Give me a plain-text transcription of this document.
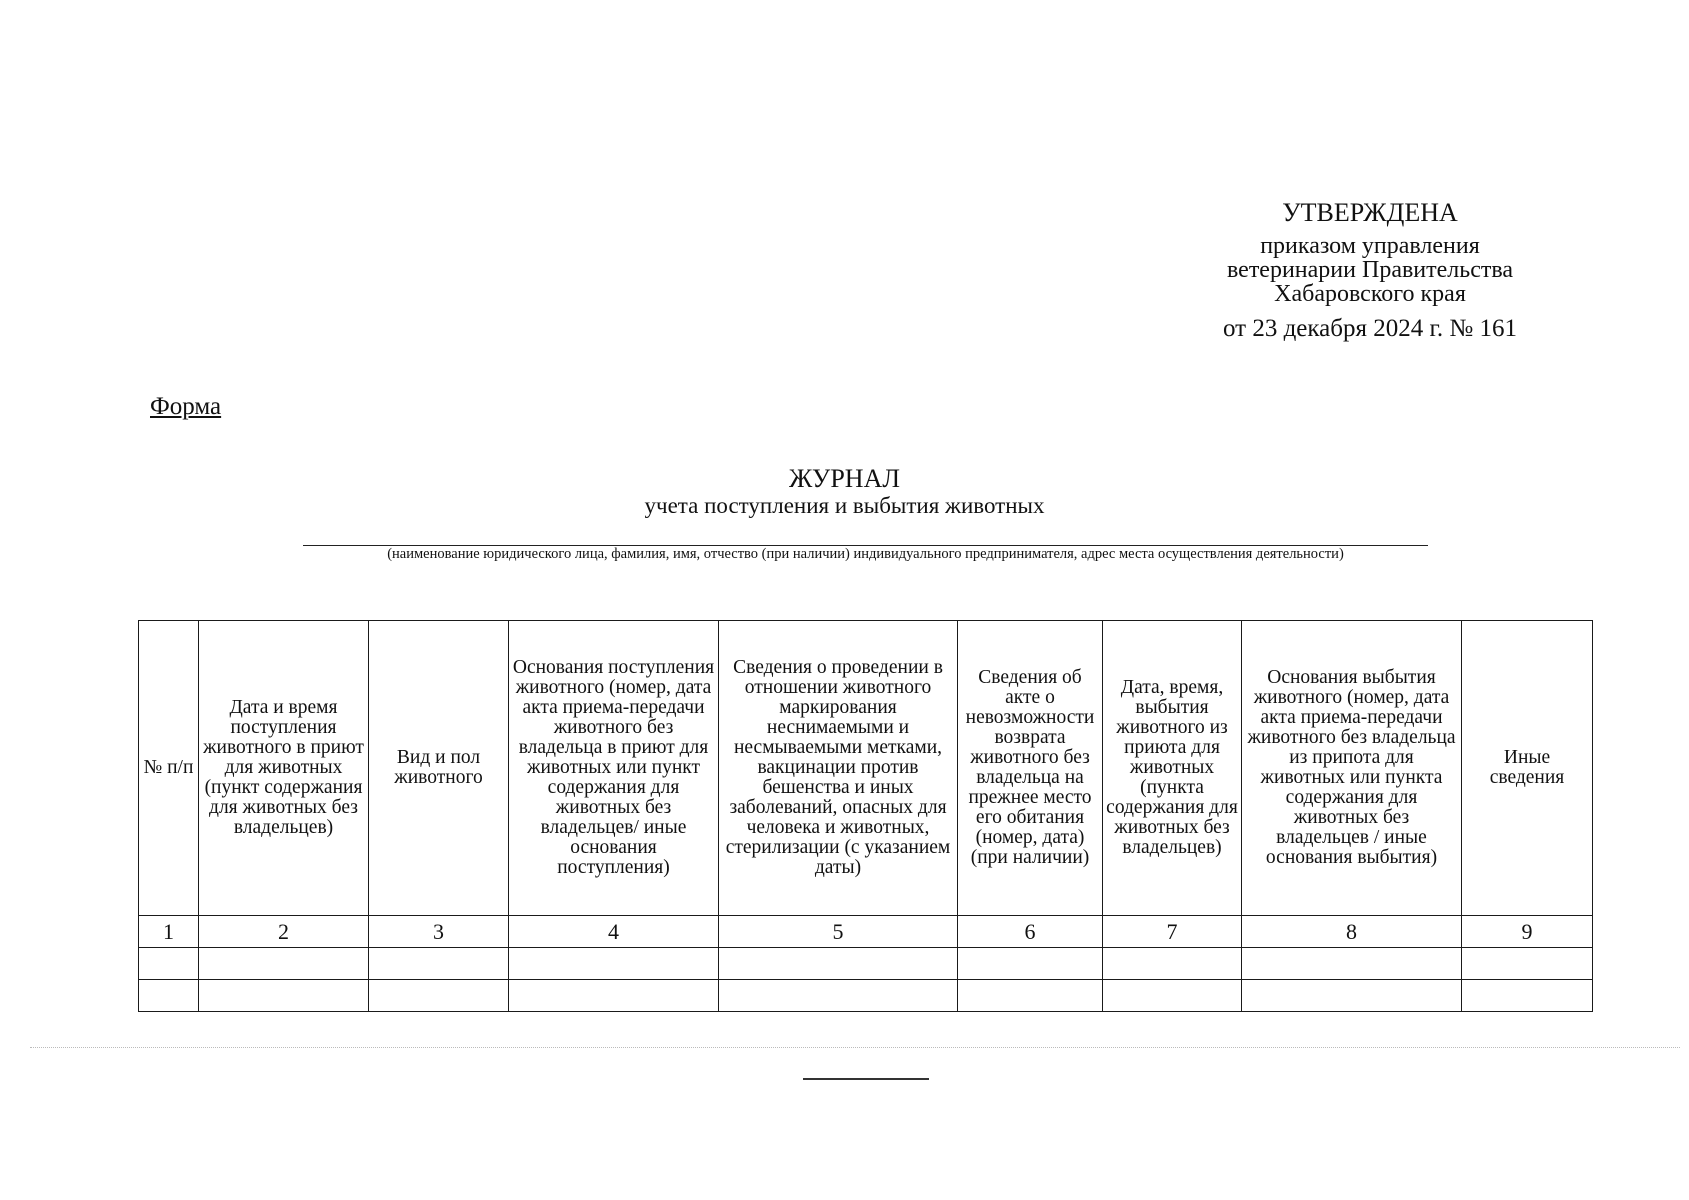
УТВЕРЖДЕНА
приказом управления
ветеринарии Правительства
Хабаровского края
от 23 декабря 2024 г. № 161
Форма
ЖУРНАЛ
учета поступления и выбытия животных
(наименование юридического лица, фамилия, имя, отчество (при наличии) индивидуального предпринимателя, адрес места осуществления деятельности)
№ п/п	Дата и время поступления животного в приют для животных (пункт содержания для животных без владельцев)	Вид и пол животного	Основания поступления животного (номер, дата акта приема-передачи животного без владельца в приют для животных или пункт содержания для животных без владельцев/ иные основания поступления)	Сведения о проведении в отношении животного маркирования неснимаемыми и несмываемыми метками, вакцинации против бешенства и иных заболеваний, опасных для человека и животных, стерилизации (с указанием даты)	Сведения об акте о невозможности возврата животного без владельца на прежнее место его обитания (номер, дата) (при наличии)	Дата, время, выбытия животного из приюта для животных (пункта содержания для животных без владельцев)	Основания выбытия животного (номер, дата акта приема-передачи животного без владельца из припота для животных или пункта содержания для животных без владельцев / иные основания выбытия)	Иные сведения
1	2	3	4	5	6	7	8	9
